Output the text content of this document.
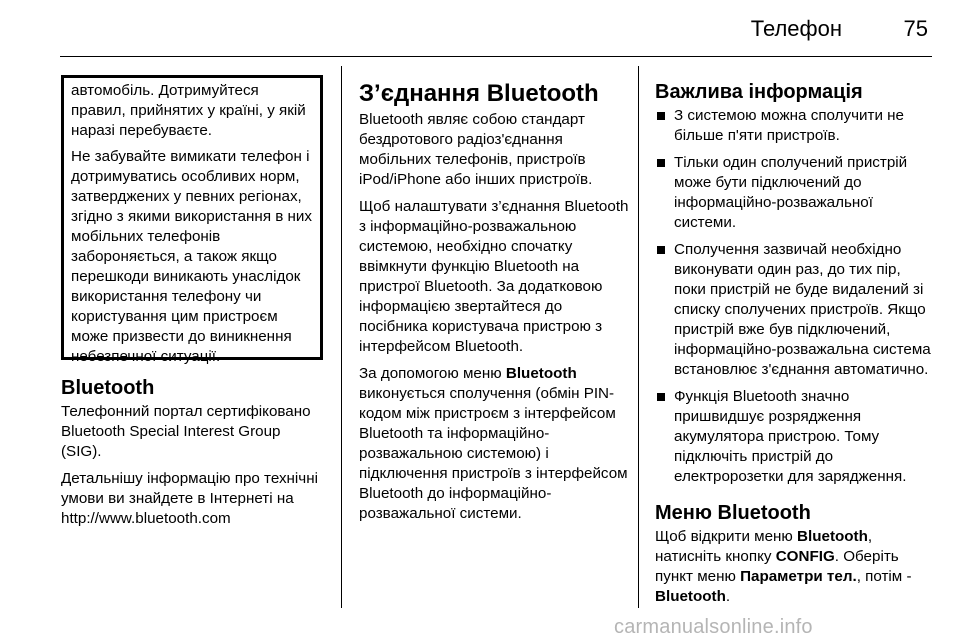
Телефон	75

автомобіль. Дотримуйтеся правил, прийнятих у країні, у якій наразі перебуваєте.

Не забувайте вимикати телефон і дотримуватись особливих норм, затверджених у певних регіонах, згідно з якими використання в них мобільних телефонів забороняється, а також якщо перешкоди виникають унаслідок використання телефону чи користування цим пристроєм може призвести до виникнення небезпечної ситуації.

Bluetooth

Телефонний портал сертифіковано Bluetooth Special Interest Group (SIG).

Детальнішу інформацію про технічні умови ви знайдете в Інтернеті на

http://www.bluetooth.com
З’єднання Bluetooth

Bluetooth являє собою стандарт бездротового радіоз'єднання мобільних телефонів, пристроїв iPod/iPhone або інших пристроїв.

Щоб налаштувати з’єднання Bluetooth з інформаційно-розважальною системою, необхідно спочатку ввімкнути функцію Bluetooth на пристрої Bluetooth. За додатковою інформацією звертайтеся до посібника користувача пристрою з інтерфейсом Bluetooth.

За допомогою меню Bluetooth виконується сполучення (обмін PIN-кодом між пристроєм з інтерфейсом Bluetooth та інформаційно-розважальною системою) і підключення пристроїв з інтерфейсом Bluetooth до інформаційно-розважальної системи.

Важлива інформація
З системою можна сполучити не більше п'яти пристроїв.
Тільки один сполучений пристрій може бути підключений до інформаційно-розважальної системи.
Сполучення зазвичай необхідно виконувати один раз, до тих пір, поки пристрій не буде видалений зі списку сполучених пристроїв. Якщо пристрій вже був підключений, інформаційно-розважальна система встановлює з'єднання автоматично.
Функція Bluetooth значно пришвидшує розрядження акумулятора пристрою. Тому підключіть пристрій до електророзетки для зарядження.
Меню Bluetooth

Щоб відкрити меню Bluetooth, натисніть кнопку CONFIG. Оберіть пункт меню Параметри тел., потім - Bluetooth.

carmanualsonline.info
